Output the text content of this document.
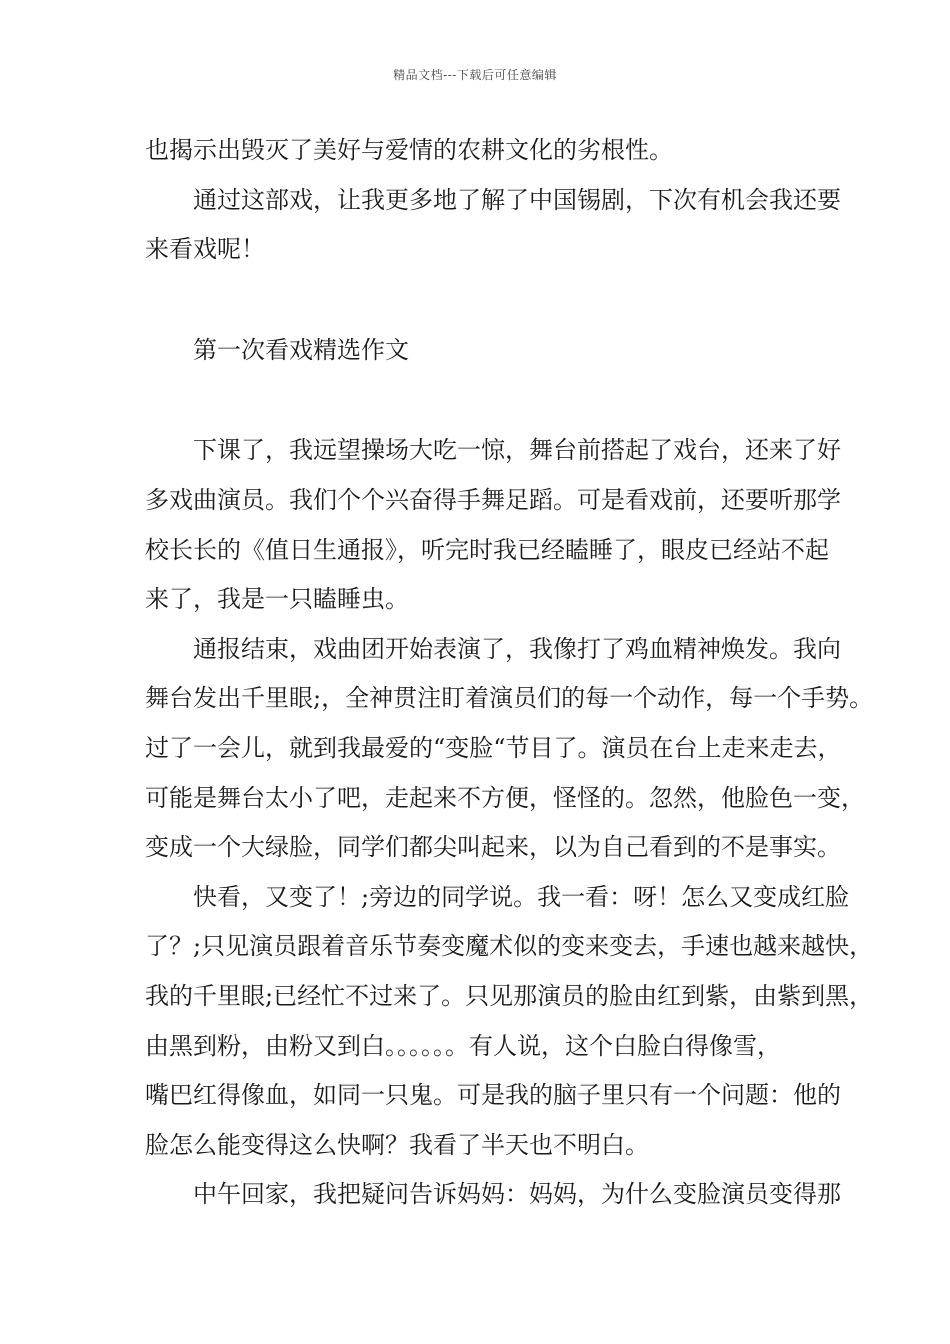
精品文档---下载后可任意编辑
也揭示出毁灭了美好与爱情的农耕文化的劣根性。
通过这部戏，让我更多地了解了中国锡剧，下次有机会我还要
来看戏呢！
第一次看戏精选作文
下课了，我远望操场大吃一惊，舞台前搭起了戏台，还来了好
多戏曲演员。我们个个兴奋得手舞足蹈。可是看戏前，还要听那学
校长长的《值日生通报》，听完时我已经瞌睡了，眼皮已经站不起
来了，我是一只瞌睡虫。
通报结束，戏曲团开始表演了，我像打了鸡血精神焕发。我向
舞台发出千里眼;，全神贯注盯着演员们的每一个动作，每一个手势。
过了一会儿，就到我最爱的“变脸“节目了。演员在台上走来走去，
可能是舞台太小了吧，走起来不方便，怪怪的。忽然，他脸色一变，
变成一个大绿脸，同学们都尖叫起来，以为自己看到的不是事实。
快看，又变了！;旁边的同学说。我一看：呀！怎么又变成红脸
了？;只见演员跟着音乐节奏变魔术似的变来变去，手速也越来越快，
我的千里眼;已经忙不过来了。只见那演员的脸由红到紫，由紫到黑，
由黑到粉，由粉又到白。。。。。。有人说，这个白脸白得像雪，
嘴巴红得像血，如同一只鬼。可是我的脑子里只有一个问题：他的
脸怎么能变得这么快啊？我看了半天也不明白。
中午回家，我把疑问告诉妈妈：妈妈，为什么变脸演员变得那
